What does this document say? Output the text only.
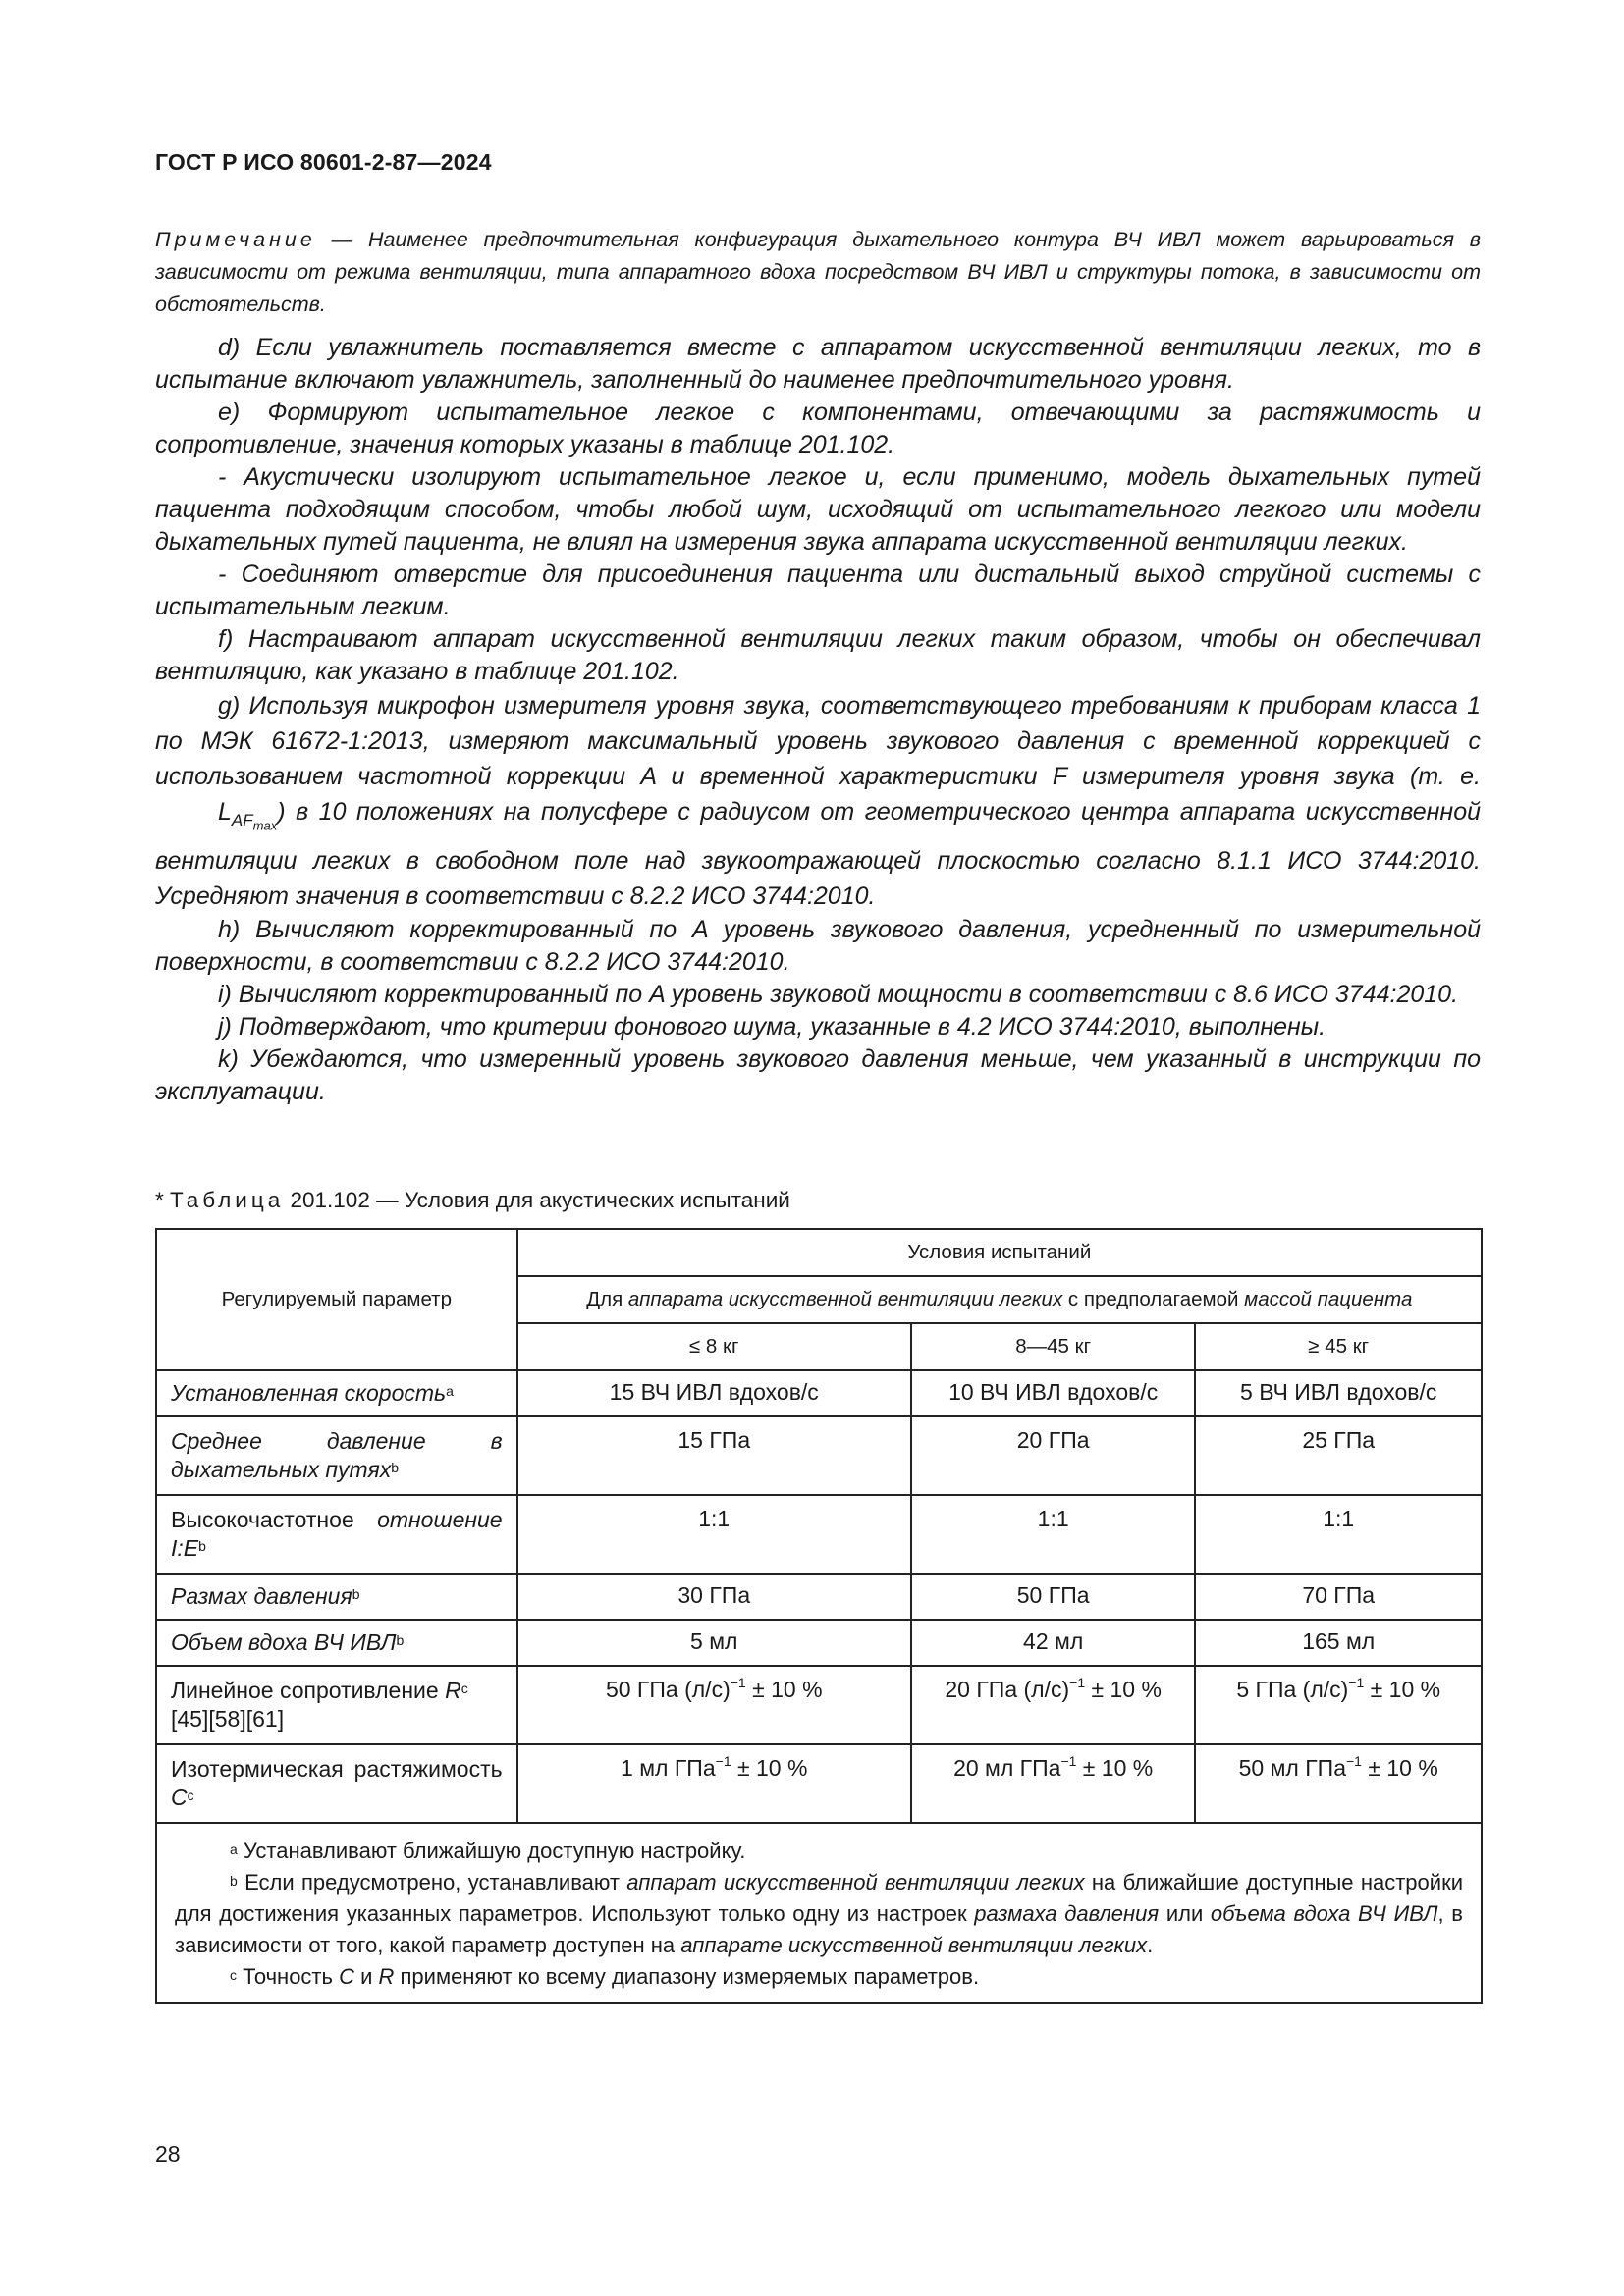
ГОСТ Р ИСО 80601-2-87—2024
Примечание — Наименее предпочтительная конфигурация дыхательного контура ВЧ ИВЛ может варьироваться в зависимости от режима вентиляции, типа аппаратного вдоха посредством ВЧ ИВЛ и структуры потока, в зависимости от обстоятельств.

d) Если увлажнитель поставляется вместе с аппаратом искусственной вентиляции легких, то в испытание включают увлажнитель, заполненный до наименее предпочтительного уровня.

e) Формируют испытательное легкое с компонентами, отвечающими за растяжимость и сопротивление, значения которых указаны в таблице 201.102.

- Акустически изолируют испытательное легкое и, если применимо, модель дыхательных путей пациента подходящим способом, чтобы любой шум, исходящий от испытательного легкого или модели дыхательных путей пациента, не влиял на измерения звука аппарата искусственной вентиляции легких.

- Соединяют отверстие для присоединения пациента или дистальный выход струйной системы с испытательным легким.

f) Настраивают аппарат искусственной вентиляции легких таким образом, чтобы он обеспечивал вентиляцию, как указано в таблице 201.102.

g) Используя микрофон измерителя уровня звука, соответствующего требованиям к приборам класса 1 по МЭК 61672-1:2013, измеряют максимальный уровень звукового давления с временной коррекцией с использованием частотной коррекции A и временной характеристики F измерителя уровня звука (т. е. $L_{AF_{max}}$) в 10 положениях на полусфере с радиусом от геометрического центра аппарата искусственной вентиляции легких в свободном поле над звукоотражающей плоскостью согласно 8.1.1 ИСО 3744:2010. Усредняют значения в соответствии с 8.2.2 ИСО 3744:2010.

h) Вычисляют корректированный по A уровень звукового давления, усредненный по измерительной поверхности, в соответствии с 8.2.2 ИСО 3744:2010.

i) Вычисляют корректированный по A уровень звуковой мощности в соответствии с 8.6 ИСО 3744:2010.

j) Подтверждают, что критерии фонового шума, указанные в 4.2 ИСО 3744:2010, выполнены.

k) Убеждаются, что измеренный уровень звукового давления меньше, чем указанный в инструкции по эксплуатации.

* Таблица 201.102 — Условия для акустических испытаний
Регулируемый параметр	Условия испытаний		
	Для аппарата искусственной вентиляции легких с предполагаемой массой пациента		
	≤ 8 кг	8—45 кг	≥ 45 кг
Установленная скорость$^a$	15 ВЧ ИВЛ вдохов/с	10 ВЧ ИВЛ вдохов/с	5 ВЧ ИВЛ вдохов/с
Среднее давление в дыхательных путях$^b$	15 ГПа	20 ГПа	25 ГПа
Высокочастотное отношение $I:E^b$	1:1	1:1	1:1
Размах давления$^b$	30 ГПа	50 ГПа	70 ГПа
Объем вдоха ВЧ ИВЛ$^b$	5 мл	42 мл	165 мл
Линейное сопротивление $R^c$
[45][58][61]	50 ГПа $(л/с)^{-1} \pm 10$ %	20 ГПа $(л/с)^{-1} \pm 10$ %	5 ГПа $(л/с)^{-1} \pm 10$ %
Изотермическая растяжимость $C^c$	1 мл ГПа$^{-1}$ ± 10 %	20 мл ГПа$^{-1}$ ± 10 %	50 мл ГПа$^{-1}$ ± 10 %

$^a$ Устанавливают ближайшую доступную настройку.

$^b$ Если предусмотрено, устанавливают аппарат искусственной вентиляции легких на ближайшие доступные настройки для достижения указанных параметров. Используют только одну из настроек размаха давления или объема вдоха ВЧ ИВЛ, в зависимости от того, какой параметр доступен на аппарате искусственной вентиляции легких.

$^c$ Точность C и R применяют ко всему диапазону измеряемых параметров.			

28
